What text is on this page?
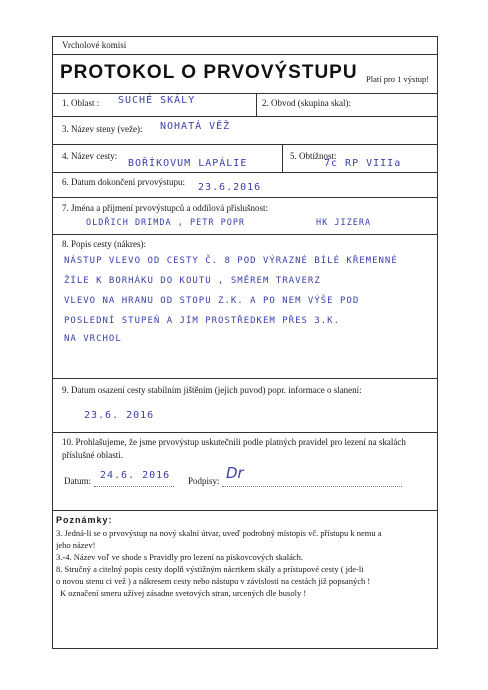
Vrcholové komisi
PROTOKOL O PRVOVÝSTUPU Platí pro 1 výstup!
1. Oblast : SUCHÉ SKÁLY	2. Obvod (skupina skal):
3. Název steny (veže): NOHATÁ VĚŽ
4. Název cesty:
BOŘÍKOVUM LAPÁLIE
5. Obtížnost:
7c RP VIIIa
6. Datum dokončení prvovýstupu: 23.6.2016
7. Jména a příjmení prvovýstupců a oddílová příslušnost:
OLDŘICH DRIMDA , PETR POPR	HK JIZERA
8. Popis cesty (nákres):
NÁSTUP VLEVO OD CESTY Č. 8 POD VÝRAZNÉ BÍLÉ KŘEMENNÉ
ŽÍLE K BORHÁKU DO KOUTU , SMĚREM TRAVERZ
VLEVO NA HRANU OD STOPU Z.K. A PO NEM VÝŠE POD
POSLEDNÍ STUPEŇ A JÍM PROSTŘEDKEM PŘES 3.K.
NA VRCHOL
9. Datum osazení cesty stabilním jištěním (jejich puvod) popr. informace o slanení:
23.6. 2016
10. Prohlašujeme, že jsme prvovýstup uskutečnili podle platných pravidel pro lezení na skalách
příslušné oblasti.
Datum: 24.6. 2016 Podpisy: Dr
Poznámky:
3. Jedná-li se o prvovýstup na nový skalní útvar, uveď podrobný místopis vč. přístupu k nemu a
jeho název!
3.-4. Název voľ ve shode s Pravidly pro lezení na pískovcových skalách.
8. Stručný a citelný popis cesty doplň výstižným nácrtkem skály a prístupové cesty ( jde-li
o novou stenu ci vež ) a nákresem cesty nebo nástupu v závislosti na cestách již popsaných !
K označení smeru užívej zásadne svetových stran, urcených dle busoly !
